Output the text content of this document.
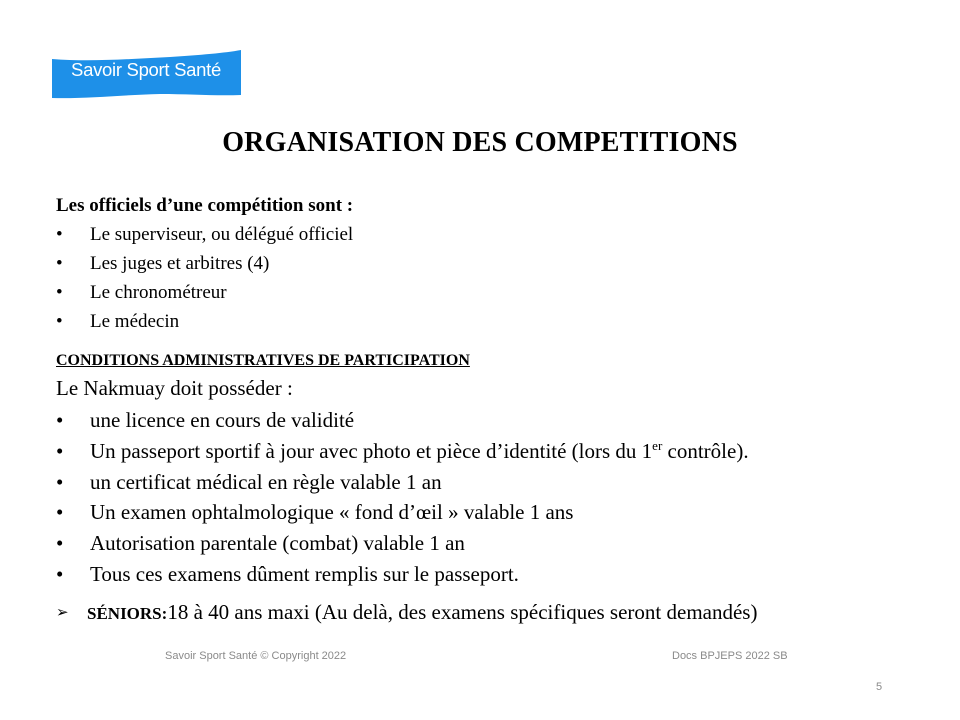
Savoir Sport Santé
ORGANISATION DES COMPETITIONS
Les officiels d’une compétition sont :
• Le superviseur, ou délégué officiel
• Les juges et arbitres (4)
• Le chronométreur
• Le médecin
CONDITIONS ADMINISTRATIVES DE PARTICIPATION
Le Nakmuay doit posséder :
• une licence en cours de validité
• Un passeport sportif à jour avec photo et pièce d’identité (lors du 1er contrôle).
• un certificat médical en règle valable 1 an
• Un examen ophtalmologique « fond d’œil » valable 1 ans
• Autorisation parentale (combat) valable 1 an
• Tous ces examens dûment remplis sur le passeport.
➢ SÉNIORS:18 à 40 ans maxi (Au delà, des examens spécifiques seront demandés)
Savoir Sport Santé © Copyright 2022	Docs BPJEPS 2022 SB
5
